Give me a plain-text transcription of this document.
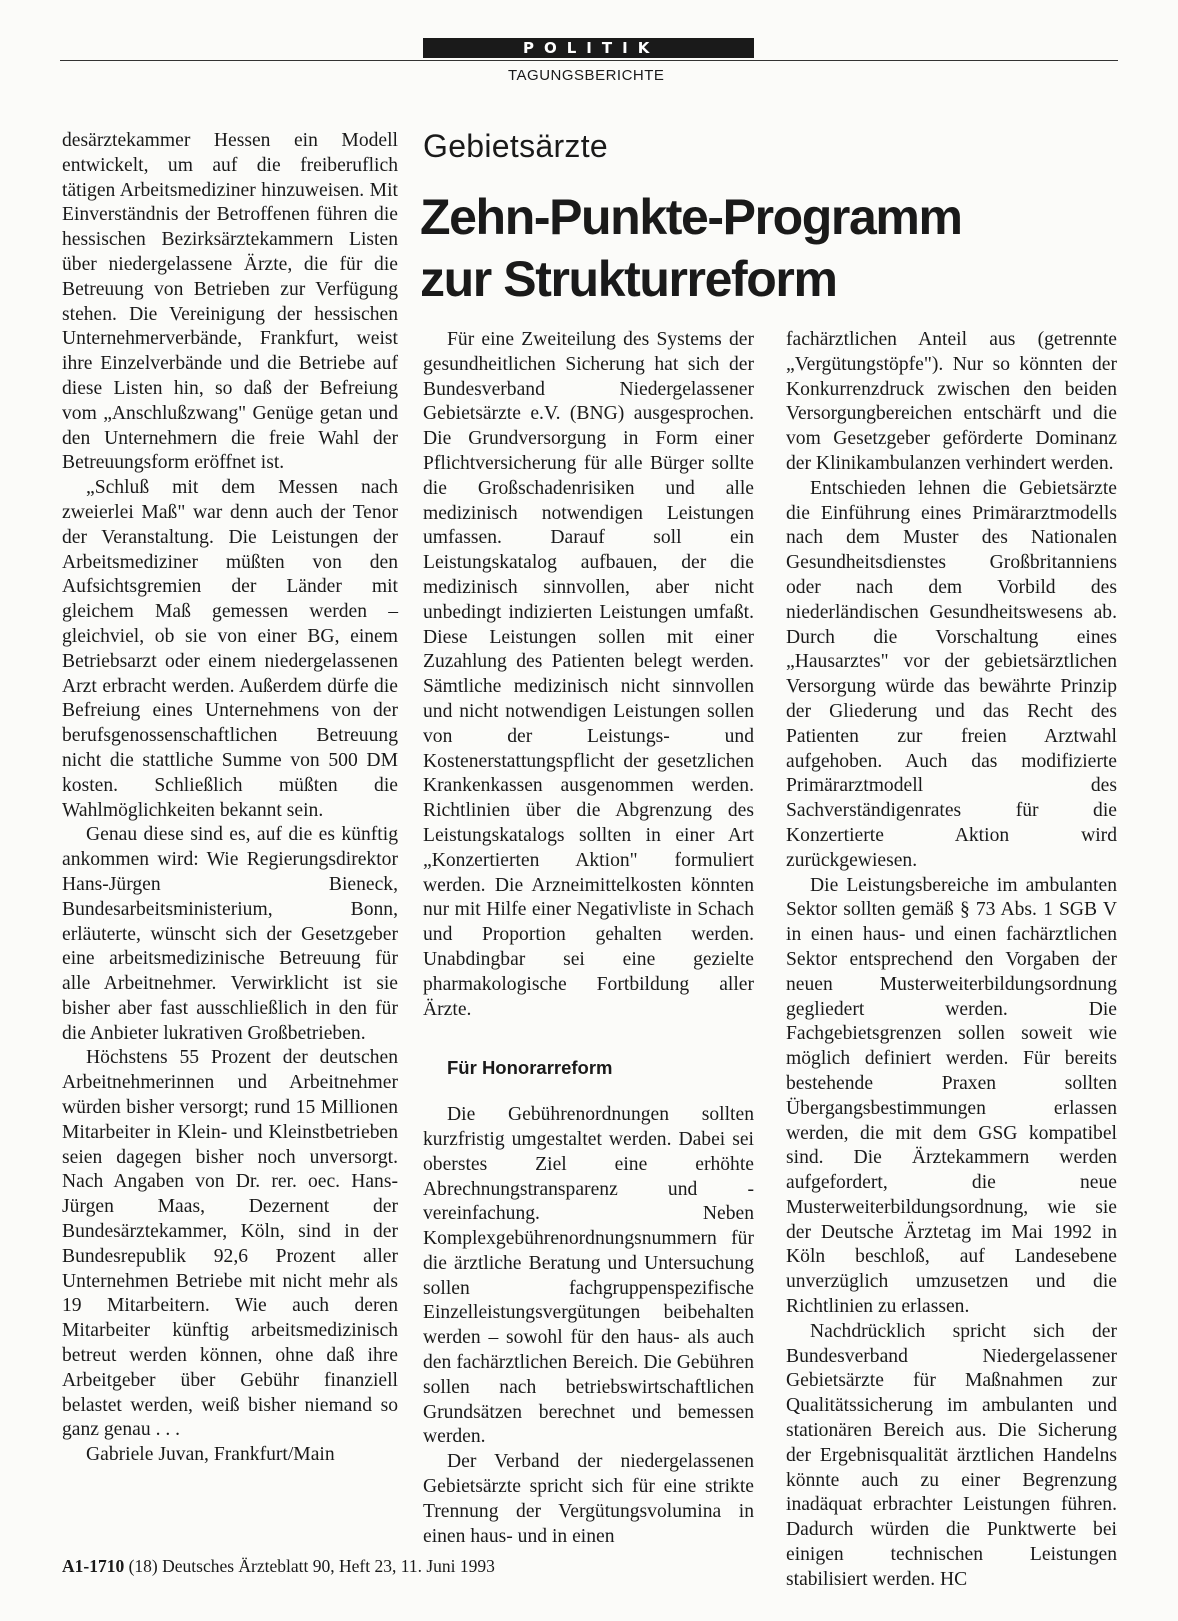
POLITIK
TAGUNGSBERICHTE

desärztekammer Hessen ein Modell entwickelt, um auf die freiberuflich tätigen Arbeitsmediziner hinzuweisen. Mit Einverständnis der Betroffenen führen die hessischen Bezirksärztekammern Listen über niedergelassene Ärzte, die für die Betreuung von Betrieben zur Verfügung stehen. Die Vereinigung der hessischen Unternehmerverbände, Frankfurt, weist ihre Einzelverbände und die Betriebe auf diese Listen hin, so daß der Befreiung vom „Anschlußzwang" Genüge getan und den Unternehmern die freie Wahl der Betreuungsform eröffnet ist.

„Schluß mit dem Messen nach zweierlei Maß" war denn auch der Tenor der Veranstaltung. Die Leistungen der Arbeitsmediziner müßten von den Aufsichtsgremien der Länder mit gleichem Maß gemessen werden – gleichviel, ob sie von einer BG, einem Betriebsarzt oder einem niedergelassenen Arzt erbracht werden. Außerdem dürfe die Befreiung eines Unternehmens von der berufsgenossenschaftlichen Betreuung nicht die stattliche Summe von 500 DM kosten. Schließlich müßten die Wahlmöglichkeiten bekannt sein.

Genau diese sind es, auf die es künftig ankommen wird: Wie Regierungsdirektor Hans-Jürgen Bieneck, Bundesarbeitsministerium, Bonn, erläuterte, wünscht sich der Gesetzgeber eine arbeitsmedizinische Betreuung für alle Arbeitnehmer. Verwirklicht ist sie bisher aber fast ausschließlich in den für die Anbieter lukrativen Großbetrieben.

Höchstens 55 Prozent der deutschen Arbeitnehmerinnen und Arbeitnehmer würden bisher versorgt; rund 15 Millionen Mitarbeiter in Klein- und Kleinstbetrieben seien dagegen bisher noch unversorgt. Nach Angaben von Dr. rer. oec. Hans-Jürgen Maas, Dezernent der Bundesärztekammer, Köln, sind in der Bundesrepublik 92,6 Prozent aller Unternehmen Betriebe mit nicht mehr als 19 Mitarbeitern. Wie auch deren Mitarbeiter künftig arbeitsmedizinisch betreut werden können, ohne daß ihre Arbeitgeber über Gebühr finanziell belastet werden, weiß bisher niemand so ganz genau . . .

Gabriele Juvan, Frankfurt/Main

Gebietsärzte
Zehn-Punkte-Programm
zur Strukturreform

Für eine Zweiteilung des Systems der gesundheitlichen Sicherung hat sich der Bundesverband Niedergelassener Gebietsärzte e.V. (BNG) ausgesprochen. Die Grundversorgung in Form einer Pflichtversicherung für alle Bürger sollte die Großschadenrisiken und alle medizinisch notwendigen Leistungen umfassen. Darauf soll ein Leistungskatalog aufbauen, der die medizinisch sinnvollen, aber nicht unbedingt indizierten Leistungen umfaßt. Diese Leistungen sollen mit einer Zuzahlung des Patienten belegt werden. Sämtliche medizinisch nicht sinnvollen und nicht notwendigen Leistungen sollen von der Leistungs- und Kostenerstattungspflicht der gesetzlichen Krankenkassen ausgenommen werden. Richtlinien über die Abgrenzung des Leistungskatalogs sollten in einer Art „Konzertierten Aktion" formuliert werden. Die Arzneimittelkosten könnten nur mit Hilfe einer Negativliste in Schach und Proportion gehalten werden. Unabdingbar sei eine gezielte pharmakologische Fortbildung aller Ärzte.

Für Honorarreform

Die Gebührenordnungen sollten kurzfristig umgestaltet werden. Dabei sei oberstes Ziel eine erhöhte Abrechnungstransparenz und -vereinfachung. Neben Komplexgebührenordnungsnummern für die ärztliche Beratung und Untersuchung sollen fachgruppenspezifische Einzelleistungsvergütungen beibehalten werden – sowohl für den haus- als auch den fachärztlichen Bereich. Die Gebühren sollen nach betriebswirtschaftlichen Grundsätzen berechnet und bemessen werden.

Der Verband der niedergelassenen Gebietsärzte spricht sich für eine strikte Trennung der Vergütungsvolumina in einen haus- und in einen

fachärztlichen Anteil aus (getrennte „Vergütungstöpfe"). Nur so könnten der Konkurrenzdruck zwischen den beiden Versorgungbereichen entschärft und die vom Gesetzgeber geförderte Dominanz der Klinikambulanzen verhindert werden.

Entschieden lehnen die Gebietsärzte die Einführung eines Primärarztmodells nach dem Muster des Nationalen Gesundheitsdienstes Großbritanniens oder nach dem Vorbild des niederländischen Gesundheitswesens ab. Durch die Vorschaltung eines „Hausarztes" vor der gebietsärztlichen Versorgung würde das bewährte Prinzip der Gliederung und das Recht des Patienten zur freien Arztwahl aufgehoben. Auch das modifizierte Primärarztmodell des Sachverständigenrates für die Konzertierte Aktion wird zurückgewiesen.

Die Leistungsbereiche im ambulanten Sektor sollten gemäß § 73 Abs. 1 SGB V in einen haus- und einen fachärztlichen Sektor entsprechend den Vorgaben der neuen Musterweiterbildungsordnung gegliedert werden. Die Fachgebietsgrenzen sollen soweit wie möglich definiert werden. Für bereits bestehende Praxen sollten Übergangsbestimmungen erlassen werden, die mit dem GSG kompatibel sind. Die Ärztekammern werden aufgefordert, die neue Musterweiterbildungsordnung, wie sie der Deutsche Ärztetag im Mai 1992 in Köln beschloß, auf Landesebene unverzüglich umzusetzen und die Richtlinien zu erlassen.

Nachdrücklich spricht sich der Bundesverband Niedergelassener Gebietsärzte für Maßnahmen zur Qualitätssicherung im ambulanten und stationären Bereich aus. Die Sicherung der Ergebnisqualität ärztlichen Handelns könnte auch zu einer Begrenzung inadäquat erbrachter Leistungen führen. Dadurch würden die Punktwerte bei einigen technischen Leistungen stabilisiert werden. HC

A1-1710 (18) Deutsches Ärzteblatt 90, Heft 23, 11. Juni 1993
